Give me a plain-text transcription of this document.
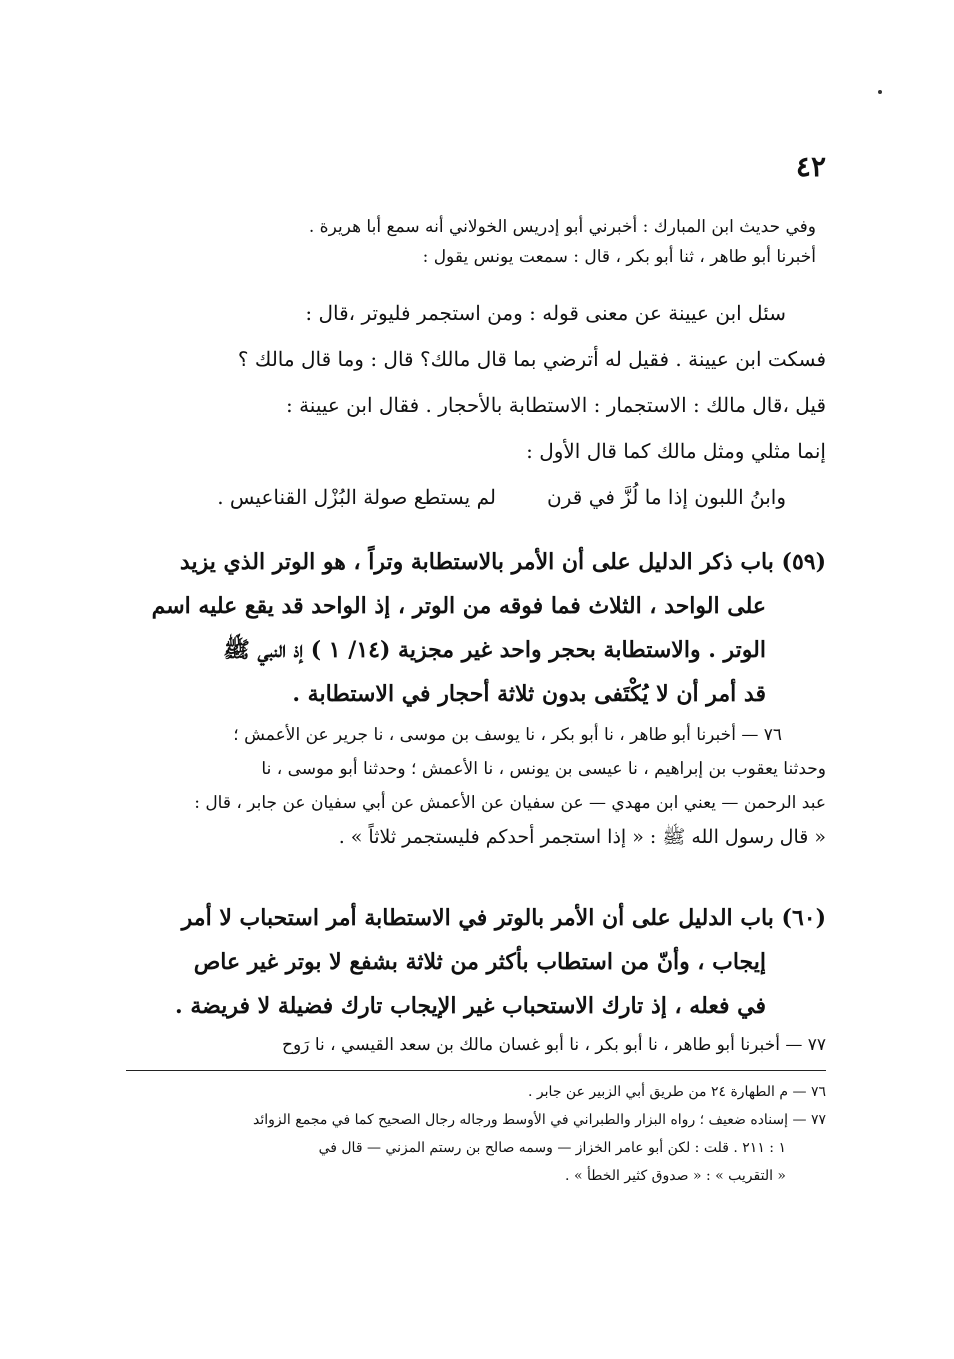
٤٢
وفي حديث ابن المبارك : أخبرني أبو إدريس الخولاني أنه سمع أبا هريرة .
أخبرنا أبو طاهر ، ثنا أبو بكر ، قال : سمعت يونس يقول :
سئل ابن عيينة عن معنى قوله : ومن استجمر فليوتر ،قال :
فسكت ابن عيينة . فقيل له أترضي بما قال مالك؟ قال : وما قال مالك ؟
قيل ،قال مالك : الاستجمار : الاستطابة بالأحجار . فقال ابن عيينة :
إنما مثلي ومثل مالك كما قال الأول :
وابنُ اللبون إذا ما لُزَّ في قرنلم يستطع صولة البُزْل القناعيس .
(٥٩) باب ذكر الدليل على أن الأمر بالاستطابة وتراً ، هو الوتر الذي يزيد
على الواحد ، الثلاث فما فوقه من الوتر ، إذ الواحد قد يقع عليه اسم
الوتر . والاستطابة بحجر واحد غير مجزية (١٤/ ١ ) إذ النبي ﷺ
قد أمر أن لا يُكْتَفى بدون ثلاثة أحجار في الاستطابة .
٧٦ — أخبرنا أبو طاهر ، نا أبو بكر ، نا يوسف بن موسى ، نا جرير عن الأعمش ؛
وحدثنا يعقوب بن إبراهيم ، نا عيسى بن يونس ، نا الأعمش ؛ وحدثنا أبو موسى ، نا
عبد الرحمن — يعني ابن مهدي — عن سفيان عن الأعمش عن أبي سفيان عن جابر ، قال :
« قال رسول الله ﷺ : « إذا استجمر أحدكم فليستجمر ثلاثاً » .
(٦٠) باب الدليل على أن الأمر بالوتر في الاستطابة أمر استحباب لا أمر
إيجاب ، وأنّ من استطاب بأكثر من ثلاثة بشفع لا بوتر غير عاص
في فعله ، إذ تارك الاستحباب غير الإيجاب تارك فضيلة لا فريضة .
٧٧ — أخبرنا أبو طاهر ، نا أبو بكر ، نا أبو غسان مالك بن سعد القيسي ، نا رَوح
٧٦ — م الطهارة ٢٤ من طريق أبي الزبير عن جابر .
٧٧ — إسناده ضعيف ؛ رواه البزار والطبراني في الأوسط ورجاله رجال الصحيح كما في مجمع الزوائد
١ : ٢١١ . قلت : لكن أبو عامر الخزاز — وسمه صالح بن رستم المزني — قال في
« التقريب » : « صدوق كثير الخطأ » .
